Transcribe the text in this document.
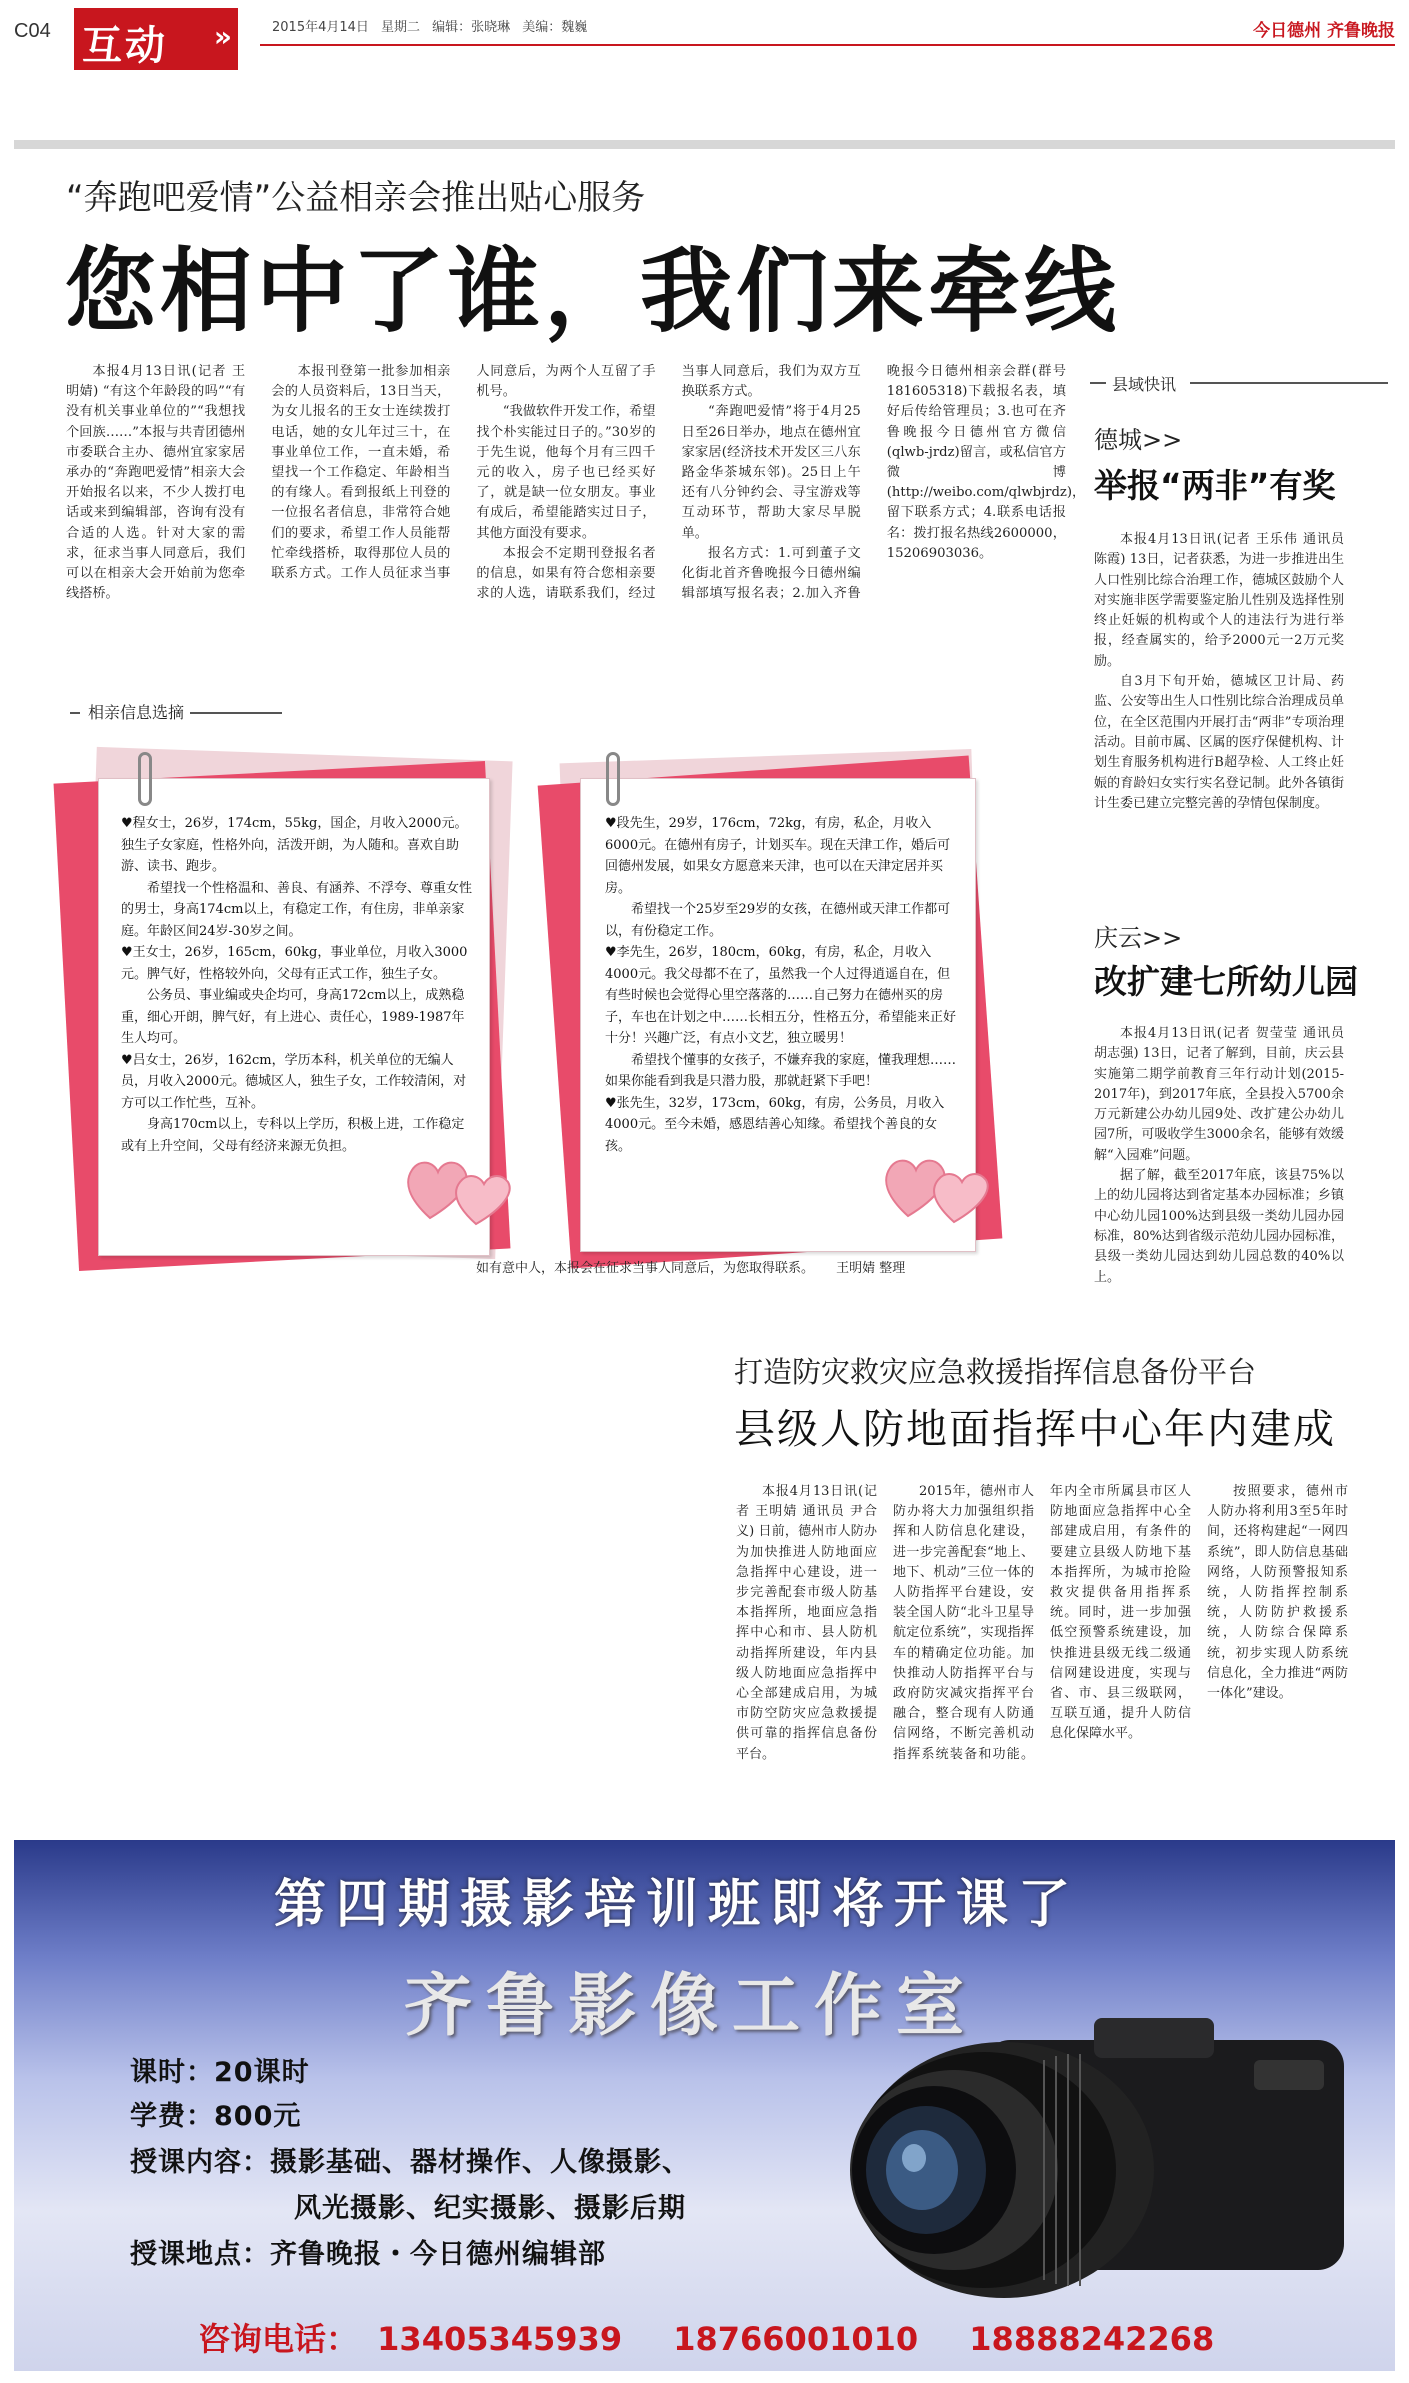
C04 互动 »	2015年4月14日 星期二 编辑：张晓琳 美编：魏巍	今日德州 齐鲁晚报
“奔跑吧爱情”公益相亲会推出贴心服务
您相中了谁，我们来牵线

本报4月13日讯(记者 王明婧) “有这个年龄段的吗”“有没有机关事业单位的”“我想找个回族……”本报与共青团德州市委联合主办、德州宜家家居承办的“奔跑吧爱情”相亲大会开始报名以来，不少人拨打电话或来到编辑部，咨询有没有合适的人选。针对大家的需求，征求当事人同意后，我们可以在相亲大会开始前为您牵线搭桥。

本报刊登第一批参加相亲会的人员资料后，13日当天，为女儿报名的王女士连续拨打电话，她的女儿年过三十，在事业单位工作，一直未婚，希望找一个工作稳定、年龄相当的有缘人。看到报纸上刊登的一位报名者信息，非常符合她们的要求，希望工作人员能帮忙牵线搭桥，取得那位人员的联系方式。工作人员征求当事人同意后，为两个人互留了手机号。

“我做软件开发工作，希望找个朴实能过日子的。”30岁的于先生说，他每个月有三四千元的收入，房子也已经买好了，就是缺一位女朋友。事业有成后，希望能踏实过日子，其他方面没有要求。

本报会不定期刊登报名者的信息，如果有符合您相亲要求的人选，请联系我们，经过当事人同意后，我们为双方互换联系方式。

“奔跑吧爱情”将于4月25日至26日举办，地点在德州宜家家居(经济技术开发区三八东路金华茶城东邻)。25日上午还有八分钟约会、寻宝游戏等互动环节，帮助大家尽早脱单。

报名方式：1.可到董子文化街北首齐鲁晚报今日德州编辑部填写报名表；2.加入齐鲁晚报今日德州相亲会群(群号181605318)下载报名表，填好后传给管理员；3.也可在齐鲁晚报今日德州官方微信(qlwb-jrdz)留言，或私信官方微博(http://weibo.com/qlwbjrdz)，留下联系方式；4.联系电话报名：拨打报名热线2600000，15206903036。

相亲信息选摘

♥程女士，26岁，174cm，55kg，国企，月收入2000元。独生子女家庭，性格外向，活泼开朗，为人随和。喜欢自助游、读书、跑步。

希望找一个性格温和、善良、有涵养、不浮夸、尊重女性的男士，身高174cm以上，有稳定工作，有住房，非单亲家庭。年龄区间24岁-30岁之间。

♥王女士，26岁，165cm，60kg，事业单位，月收入3000元。脾气好，性格较外向，父母有正式工作，独生子女。

公务员、事业编或央企均可，身高172cm以上，成熟稳重，细心开朗，脾气好，有上进心、责任心，1989-1987年生人均可。

♥吕女士，26岁，162cm，学历本科，机关单位的无编人员，月收入2000元。德城区人，独生子女，工作较清闲，对方可以工作忙些，互补。

身高170cm以上，专科以上学历，积极上进，工作稳定或有上升空间，父母有经济来源无负担。

♥段先生，29岁，176cm，72kg，有房，私企，月收入6000元。在德州有房子，计划买车。现在天津工作，婚后可回德州发展，如果女方愿意来天津，也可以在天津定居并买房。

希望找一个25岁至29岁的女孩，在德州或天津工作都可以，有份稳定工作。

♥李先生，26岁，180cm，60kg，有房，私企，月收入4000元。我父母都不在了，虽然我一个人过得逍遥自在，但有些时候也会觉得心里空落落的……自己努力在德州买的房子，车也在计划之中……长相五分，性格五分，希望能来正好十分！兴趣广泛，有点小文艺，独立暖男！

希望找个懂事的女孩子，不嫌弃我的家庭，懂我理想……如果你能看到我是只潜力股，那就赶紧下手吧！

♥张先生，32岁，173cm，60kg，有房，公务员，月收入4000元。至今未婚，感恩结善心知缘。希望找个善良的女孩。

如有意中人，本报会在征求当事人同意后，为您取得联系。 王明婧 整理
县域快讯
德城>>
举报“两非”有奖

本报4月13日讯(记者 王乐伟 通讯员 陈霞) 13日，记者获悉，为进一步推进出生人口性别比综合治理工作，德城区鼓励个人对实施非医学需要鉴定胎儿性别及选择性别终止妊娠的机构或个人的违法行为进行举报，经查属实的，给予2000元一2万元奖励。

自3月下旬开始，德城区卫计局、药监、公安等出生人口性别比综合治理成员单位，在全区范围内开展打击“两非”专项治理活动。目前市属、区属的医疗保健机构、计划生育服务机构进行B超孕检、人工终止妊娠的育龄妇女实行实名登记制。此外各镇街计生委已建立完整完善的孕情包保制度。

庆云>>
改扩建七所幼儿园

本报4月13日讯(记者 贺莹莹 通讯员 胡志强) 13日，记者了解到，目前，庆云县实施第二期学前教育三年行动计划(2015-2017年)，到2017年底，全县投入5700余万元新建公办幼儿园9处、改扩建公办幼儿园7所，可吸收学生3000余名，能够有效缓解“入园难”问题。

据了解，截至2017年底，该县75%以上的幼儿园将达到省定基本办园标准；乡镇中心幼儿园100%达到县级一类幼儿园办园标准，80%达到省级示范幼儿园办园标准，县级一类幼儿园达到幼儿园总数的40%以上。

打造防灾救灾应急救援指挥信息备份平台
县级人防地面指挥中心年内建成

本报4月13日讯(记者 王明婧 通讯员 尹合义) 日前，德州市人防办为加快推进人防地面应急指挥中心建设，进一步完善配套市级人防基本指挥所，地面应急指挥中心和市、县人防机动指挥所建设，年内县级人防地面应急指挥中心全部建成启用，为城市防空防灾应急救援提供可靠的指挥信息备份平台。

2015年，德州市人防办将大力加强组织指挥和人防信息化建设，进一步完善配套“地上、地下、机动”三位一体的人防指挥平台建设，安装全国人防“北斗卫星导航定位系统”，实现指挥车的精确定位功能。加快推动人防指挥平台与政府防灾减灾指挥平台融合，整合现有人防通信网络，不断完善机动指挥系统装备和功能。年内全市所属县市区人防地面应急指挥中心全部建成启用，有条件的要建立县级人防地下基本指挥所，为城市抢险救灾提供备用指挥系统。同时，进一步加强低空预警系统建设，加快推进县级无线二级通信网建设进度，实现与省、市、县三级联网，互联互通，提升人防信息化保障水平。

按照要求，德州市人防办将利用3至5年时间，还将构建起“一网四系统”，即人防信息基础网络，人防预警报知系统，人防指挥控制系统，人防防护救援系统，人防综合保障系统，初步实现人防系统信息化，全力推进“两防一体化”建设。

第四期摄影培训班即将开课了
齐鲁影像工作室
课时：20课时
学费：800元
授课内容：摄影基础、器材操作、人像摄影、
风光摄影、纪实摄影、摄影后期
授课地点：齐鲁晚报・今日德州编辑部
咨询电话： 13405345939 18766001010 18888242268
